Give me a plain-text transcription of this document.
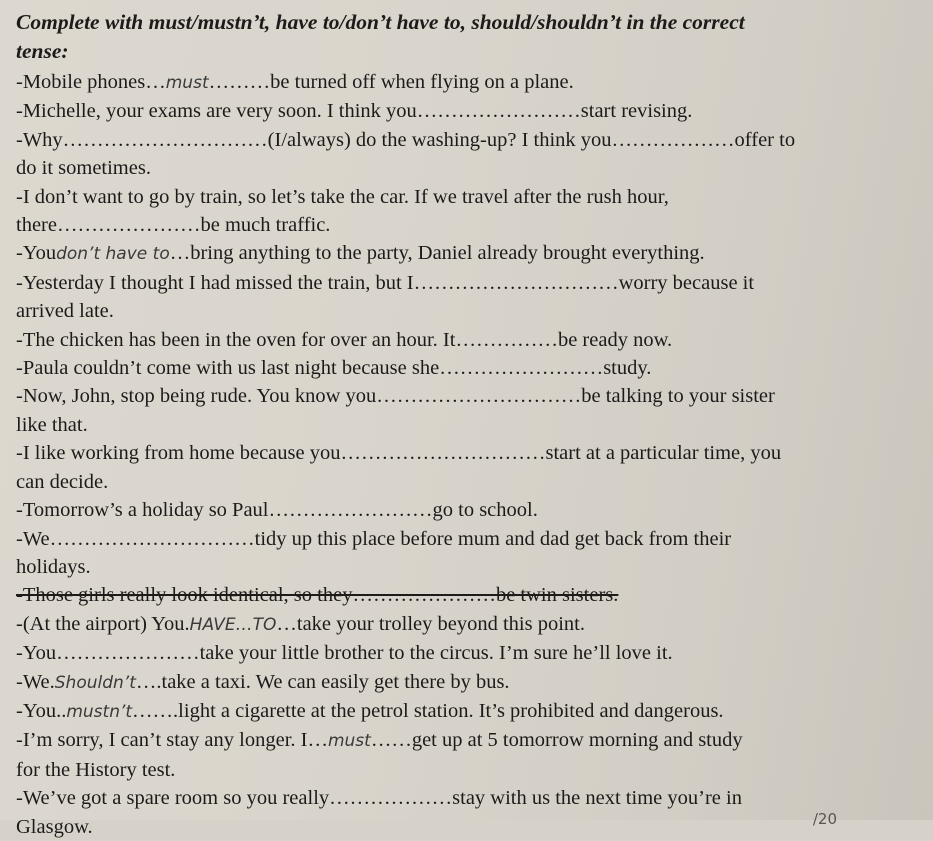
Complete with must/mustn’t, have to/don’t have to, should/shouldn’t in the correct
tense:
-Mobile phones…must………be turned off when flying on a plane.
-Michelle, your exams are very soon. I think you……………………start revising.
-Why…………………………(I/always) do the washing-up? I think you………………offer to
do it sometimes.
-I don’t want to go by train, so let’s take the car. If we travel after the rush hour,
there…………………be much traffic.
-Youdon’t have to…bring anything to the party, Daniel already brought everything.
-Yesterday I thought I had missed the train, but I…………………………worry because it
arrived late.
-The chicken has been in the oven for over an hour. It……………be ready now.
-Paula couldn’t come with us last night because she……………………study.
-Now, John, stop being rude. You know you…………………………be talking to your sister
like that.
-I like working from home because you…………………………start at a particular time, you
can decide.
-Tomorrow’s a holiday so Paul……………………go to school.
-We…………………………tidy up this place before mum and dad get back from their
holidays.
-Those girls really look identical, so they…………………be twin sisters.
-(At the airport) You.HAVE…TO…take your trolley beyond this point.
-You…………………take your little brother to the circus. I’m sure he’ll love it.
-We.Shouldn’t….take a taxi. We can easily get there by bus.
-You..mustn’t…….light a cigarette at the petrol station. It’s prohibited and dangerous.
-I’m sorry, I can’t stay any longer. I…must……get up at 5 tomorrow morning and study
for the History test.
-We’ve got a spare room so you really………………stay with us the next time you’re in
Glasgow.	/20
